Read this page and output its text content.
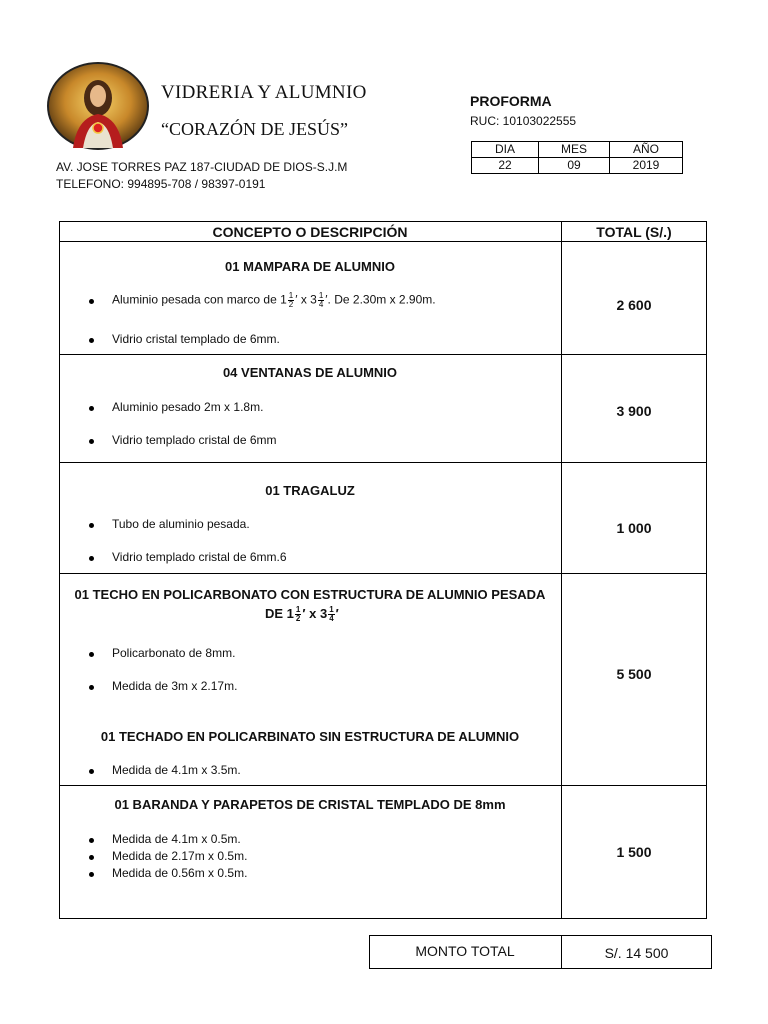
VIDRERIA Y ALUMNIO
“CORAZÓN DE JESÚS”
AV. JOSE TORRES PAZ 187-CIUDAD DE DIOS-S.J.M
TELEFONO: 994895-708 / 98397-0191
PROFORMA
RUC: 10103022555
DIA	MES	AÑO
22	09	2019
CONCEPTO O DESCRIPCIÓN	TOTAL (S/.)
01 MAMPARA DE ALUMNIO
Aluminio pesada con marco de $1 \frac{1}{2}$ ′ x $3 \frac{1}{4}$ ′. De 2.30m x 2.90m.
Vidrio cristal templado de 6mm.
2 600
04 VENTANAS DE ALUMNIO
Aluminio pesado 2m x 1.8m.
Vidrio templado cristal de 6mm
3 900
01 TRAGALUZ
Tubo de aluminio pesada.
Vidrio templado cristal de 6mm.6
1 000
01 TECHO EN POLICARBONATO CON ESTRUCTURA DE ALUMNIO PESADA
DE $1 \frac{1}{2}$ ′ x $3 \frac{1}{4}$ ′
Policarbonato de 8mm.
Medida de 3m x 2.17m.
01 TECHADO EN POLICARBINATO SIN ESTRUCTURA DE ALUMNIO
Medida de 4.1m x 3.5m.
5 500
01 BARANDA Y PARAPETOS DE CRISTAL TEMPLADO DE 8mm
Medida de 4.1m x 0.5m.
Medida de 2.17m x 0.5m.
Medida de 0.56m x 0.5m.
1 500
MONTO TOTAL	S/. 14 500
